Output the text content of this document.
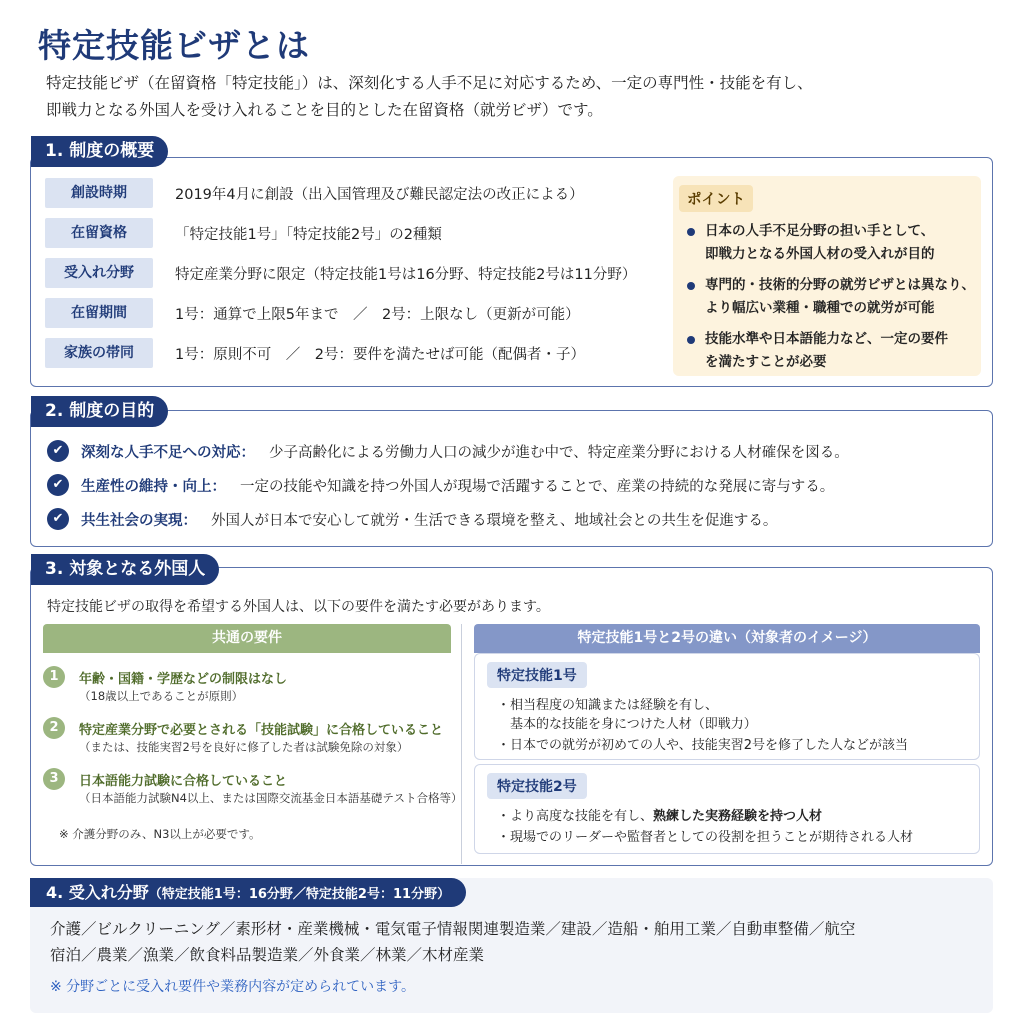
特定技能ビザとは
特定技能ビザ（在留資格「特定技能」）は、深刻化する人手不足に対応するため、一定の専門性・技能を有し、
即戦力となる外国人を受け入れることを目的とした在留資格（就労ビザ）です。
1. 制度の概要
創設時期	2019年4月に創設（出入国管理及び難民認定法の改正による）
在留資格	「特定技能1号」「特定技能2号」の2種類
受入れ分野	特定産業分野に限定（特定技能1号は16分野、特定技能2号は11分野）
在留期間	1号：通算で上限5年まで　／　2号：上限なし（更新が可能）
家族の帯同	1号：原則不可　／　2号：要件を満たせば可能（配偶者・子）
ポイント
日本の人手不足分野の担い手として、
即戦力となる外国人材の受入れが目的
専門的・技術的分野の就労ビザとは異なり、
より幅広い業種・職種での就労が可能
技能水準や日本語能力など、一定の要件
を満たすことが必要
2. 制度の目的
✔	深刻な人手不足への対応： 少子高齢化による労働力人口の減少が進む中で、特定産業分野における人材確保を図る。
✔	生産性の維持・向上： 一定の技能や知識を持つ外国人が現場で活躍することで、産業の持続的な発展に寄与する。
✔	共生社会の実現： 外国人が日本で安心して就労・生活できる環境を整え、地域社会との共生を促進する。
3. 対象となる外国人
特定技能ビザの取得を希望する外国人は、以下の要件を満たす必要があります。
共通の要件
1	年齢・国籍・学歴などの制限はなし
（18歳以上であることが原則）
2	特定産業分野で必要とされる「技能試験」に合格していること
（または、技能実習2号を良好に修了した者は試験免除の対象）
3	日本語能力試験に合格していること
（日本語能力試験N4以上、または国際交流基金日本語基礎テスト合格等）
※ 介護分野のみ、N3以上が必要です。
特定技能1号と2号の違い（対象者のイメージ）
特定技能1号
・相当程度の知識または経験を有し、
　基本的な技能を身につけた人材（即戦力）
・日本での就労が初めての人や、技能実習2号を修了した人などが該当
特定技能2号
・より高度な技能を有し、熟練した実務経験を持つ人材
・現場でのリーダーや監督者としての役割を担うことが期待される人材
4. 受入れ分野（特定技能1号：16分野／特定技能2号：11分野）
介護／ビルクリーニング／素形材・産業機械・電気電子情報関連製造業／建設／造船・舶用工業／自動車整備／航空
宿泊／農業／漁業／飲食料品製造業／外食業／林業／木材産業
※ 分野ごとに受入れ要件や業務内容が定められています。
